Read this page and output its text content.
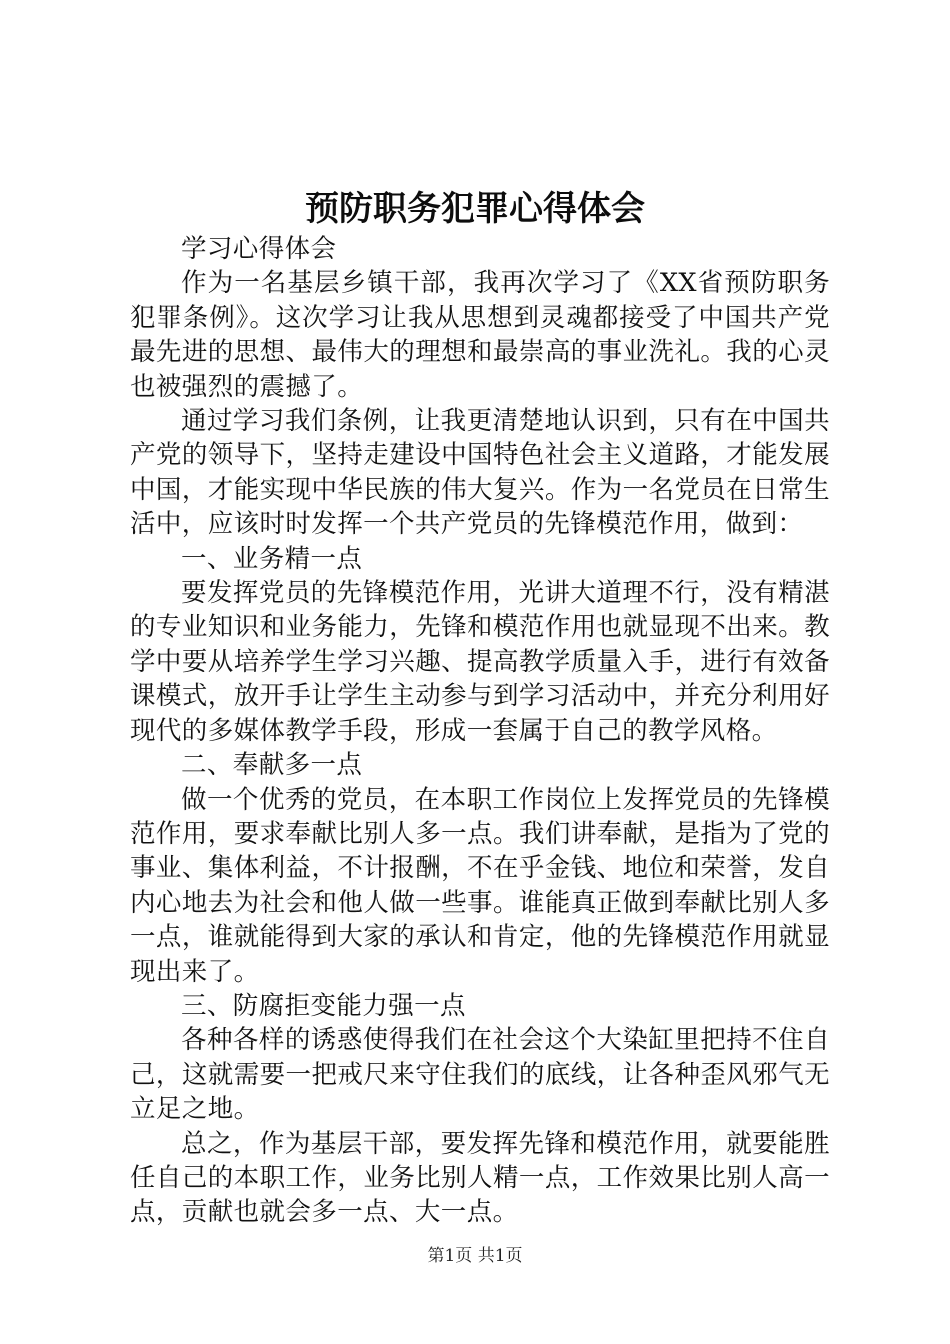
预防职务犯罪心得体会

学习心得体会

作为一名基层乡镇干部，我再次学习了《XX省预防职务犯罪条例》。这次学习让我从思想到灵魂都接受了中国共产党最先进的思想、最伟大的理想和最崇高的事业洗礼。我的心灵也被强烈的震撼了。

通过学习我们条例，让我更清楚地认识到，只有在中国共产党的领导下，坚持走建设中国特色社会主义道路，才能发展中国，才能实现中华民族的伟大复兴。作为一名党员在日常生活中，应该时时发挥一个共产党员的先锋模范作用，做到：

一、业务精一点

要发挥党员的先锋模范作用，光讲大道理不行，没有精湛的专业知识和业务能力，先锋和模范作用也就显现不出来。教学中要从培养学生学习兴趣、提高教学质量入手，进行有效备课模式，放开手让学生主动参与到学习活动中，并充分利用好现代的多媒体教学手段，形成一套属于自己的教学风格。

二、奉献多一点

做一个优秀的党员，在本职工作岗位上发挥党员的先锋模范作用，要求奉献比别人多一点。我们讲奉献，是指为了党的事业、集体利益，不计报酬，不在乎金钱、地位和荣誉，发自内心地去为社会和他人做一些事。谁能真正做到奉献比别人多一点，谁就能得到大家的承认和肯定，他的先锋模范作用就显现出来了。

三、防腐拒变能力强一点

各种各样的诱惑使得我们在社会这个大染缸里把持不住自己，这就需要一把戒尺来守住我们的底线，让各种歪风邪气无立足之地。

总之，作为基层干部，要发挥先锋和模范作用，就要能胜任自己的本职工作，业务比别人精一点，工作效果比别人高一点，贡献也就会多一点、大一点。

第1页 共1页
